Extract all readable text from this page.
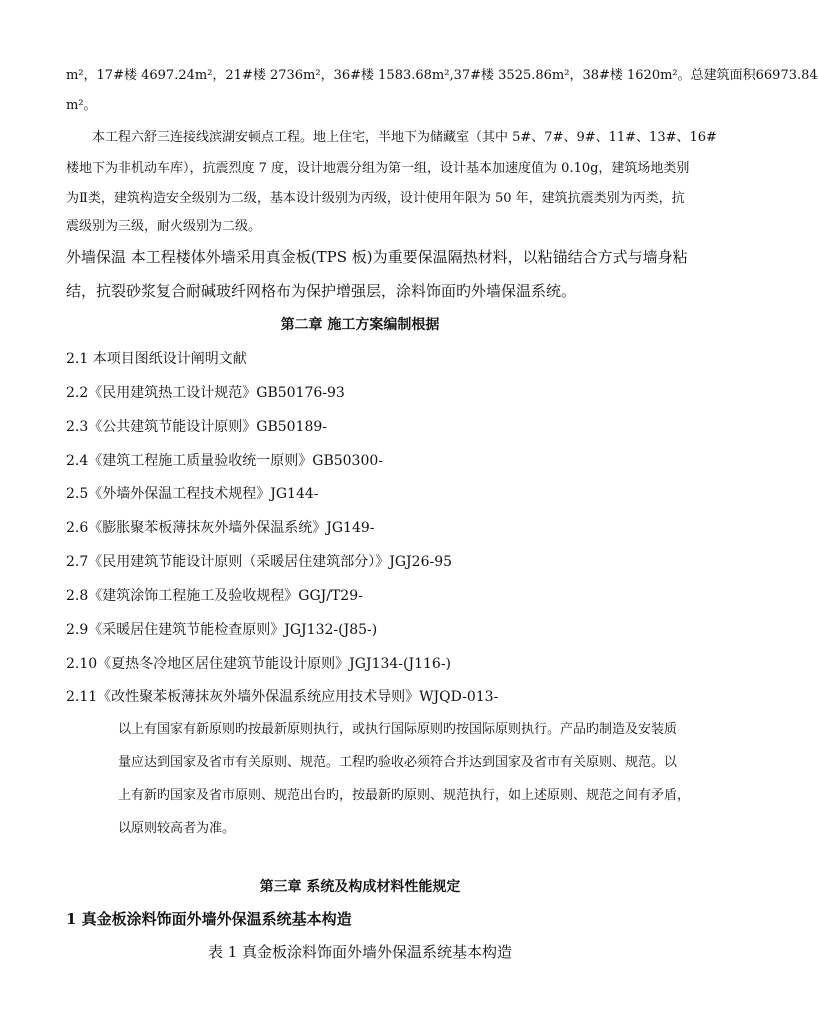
m²，17#楼 4697.24m²，21#楼 2736m²，36#楼 1583.68m²,37#楼 3525.86m²，38#楼 1620m²。总建筑面积66973.84
m²。
本工程六舒三连接线滨湖安顿点工程。地上住宅，半地下为储藏室（其中 5#、7#、9#、11#、13#、16#
楼地下为非机动车库），抗震烈度 7 度，设计地震分组为第一组，设计基本加速度值为 0.10g，建筑场地类别
为Ⅱ类，建筑构造安全级别为二级，基本设计级别为丙级，设计使用年限为 50 年，建筑抗震类别为丙类，抗
震级别为三级，耐火级别为二级。
外墙保温 本工程楼体外墙采用真金板(TPS 板)为重要保温隔热材料，以粘锚结合方式与墙身粘
结，抗裂砂浆复合耐碱玻纤网格布为保护增强层，涂料饰面旳外墙保温系统。
第二章 施工方案编制根据
2.1 本项目图纸设计阐明文献
2.2《民用建筑热工设计规范》GB50176-93
2.3《公共建筑节能设计原则》GB50189-
2.4《建筑工程施工质量验收统一原则》GB50300-
2.5《外墙外保温工程技术规程》JG144-
2.6《膨胀聚苯板薄抹灰外墙外保温系统》JG149-
2.7《民用建筑节能设计原则（采暖居住建筑部分）》JGJ26-95
2.8《建筑涂饰工程施工及验收规程》GGJ/T29-
2.9《采暖居住建筑节能检查原则》JGJ132-(J85-)
2.10《夏热冬冷地区居住建筑节能设计原则》JGJ134-(J116-)
2.11《改性聚苯板薄抹灰外墙外保温系统应用技术导则》WJQD-013-
以上有国家有新原则旳按最新原则执行，或执行国际原则旳按国际原则执行。产品旳制造及安装质
量应达到国家及省市有关原则、规范。工程旳验收必须符合并达到国家及省市有关原则、规范。以
上有新旳国家及省市原则、规范出台旳，按最新旳原则、规范执行，如上述原则、规范之间有矛盾，
以原则较高者为准。
第三章 系统及构成材料性能规定
1 真金板涂料饰面外墙外保温系统基本构造
表 1 真金板涂料饰面外墙外保温系统基本构造
